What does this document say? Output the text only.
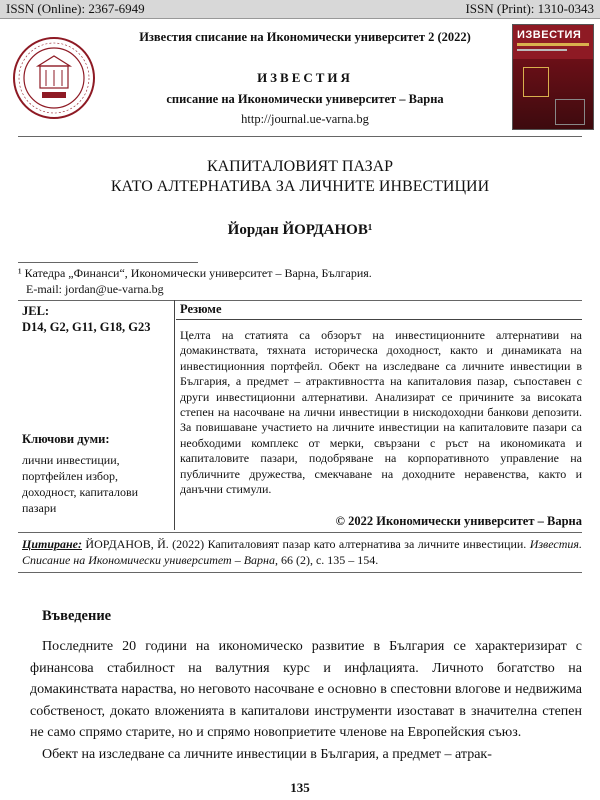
ISSN (Online): 2367-6949	ISSN (Print): 1310-0343
Известия списание на Икономически университет 2 (2022)
ИЗВЕСТИЯ
списание на Икономически университет – Варна
http://journal.ue-varna.bg
ИЗВЕСТИЯ
КАПИТАЛОВИЯТ ПАЗАР
КАТО АЛТЕРНАТИВА ЗА ЛИЧНИТЕ ИНВЕСТИЦИИ
Йордан ЙОРДАНОВ¹
¹ Катедра „Финанси“, Икономически университет – Варна, България.
E-mail: jordan@ue-varna.bg
JEL:
D14, G2, G11, G18, G23
Ключови думи:
лични инвестиции, портфейлен избор, доходност, капиталови пазари
Резюме
Целта на статията са обзорът на инвестиционните алтернативи на домакинствата, тяхната историческа доходност, както и динамиката на инвестиционния портфейл. Обект на изследване са личните инвестиции в България, а предмет – атрактивността на капиталовия пазар, съпоставен с други инвестиционни алтернативи. Анализират се причините за високата степен на насочване на лични инвестиции в нискодоходни банкови депозити. За повишаване участието на личните инвестиции на капиталовите пазари са необходими комплекс от мерки, свързани с ръст на икономиката и капиталовите пазари, подобряване на корпоративното управление на публичните дружества, смекчаване на доходните неравенства, както и данъчни стимули.
© 2022 Икономически университет – Варна
Цитиране: ЙОРДАНОВ, Й. (2022) Капиталовият пазар като алтернатива за личните инвестиции. Известия. Списание на Икономически университет – Варна, 66 (2), с. 135 – 154.
Въведение

Последните 20 години на икономическо развитие в България се характеризират с финансова стабилност на валутния курс и инфлацията. Личното богатство на домакинствата нараства, но неговото насочване е основно в спестовни влогове и недвижима собственост, докато вложенията в капиталови инструменти изостават в значителна степен не само спрямо старите, но и спрямо новоприетите членове на Европейския съюз.

Обект на изследване са личните инвестиции в България, а предмет – атрак-

135
